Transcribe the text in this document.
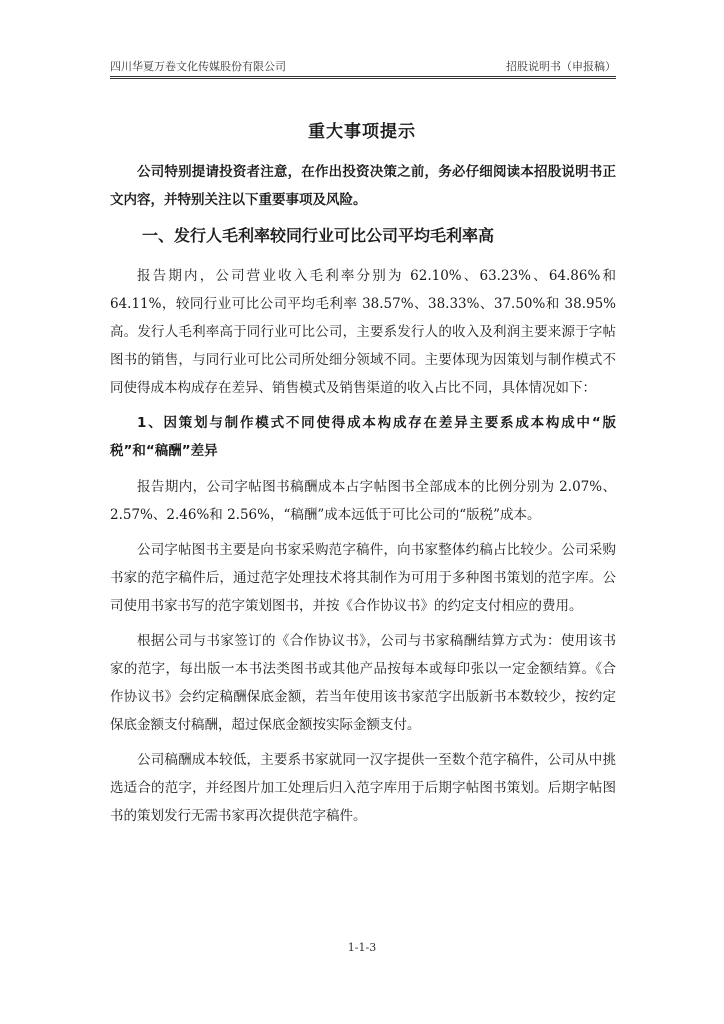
四川华夏万卷文化传媒股份有限公司	招股说明书（申报稿）
重大事项提示

公司特别提请投资者注意，在作出投资决策之前，务必仔细阅读本招股说明书正文内容，并特别关注以下重要事项及风险。

一、发行人毛利率较同行业可比公司平均毛利率高

报告期内，公司营业收入毛利率分别为 62.10%、63.23%、64.86%和 64.11%，较同行业可比公司平均毛利率 38.57%、38.33%、37.50%和 38.95%高。发行人毛利率高于同行业可比公司，主要系发行人的收入及利润主要来源于字帖图书的销售，与同行业可比公司所处细分领域不同。主要体现为因策划与制作模式不同使得成本构成存在差异、销售模式及销售渠道的收入占比不同，具体情况如下：

1、因策划与制作模式不同使得成本构成存在差异主要系成本构成中“版税”和“稿酬”差异

报告期内，公司字帖图书稿酬成本占字帖图书全部成本的比例分别为 2.07%、2.57%、2.46%和 2.56%，“稿酬”成本远低于可比公司的“版税”成本。

公司字帖图书主要是向书家采购范字稿件，向书家整体约稿占比较少。公司采购书家的范字稿件后，通过范字处理技术将其制作为可用于多种图书策划的范字库。公司使用书家书写的范字策划图书，并按《合作协议书》的约定支付相应的费用。

根据公司与书家签订的《合作协议书》，公司与书家稿酬结算方式为：使用该书家的范字，每出版一本书法类图书或其他产品按每本或每印张以一定金额结算。《合作协议书》会约定稿酬保底金额，若当年使用该书家范字出版新书本数较少，按约定保底金额支付稿酬，超过保底金额按实际金额支付。

公司稿酬成本较低，主要系书家就同一汉字提供一至数个范字稿件，公司从中挑选适合的范字，并经图片加工处理后归入范字库用于后期字帖图书策划。后期字帖图书的策划发行无需书家再次提供范字稿件。

1-1-3
